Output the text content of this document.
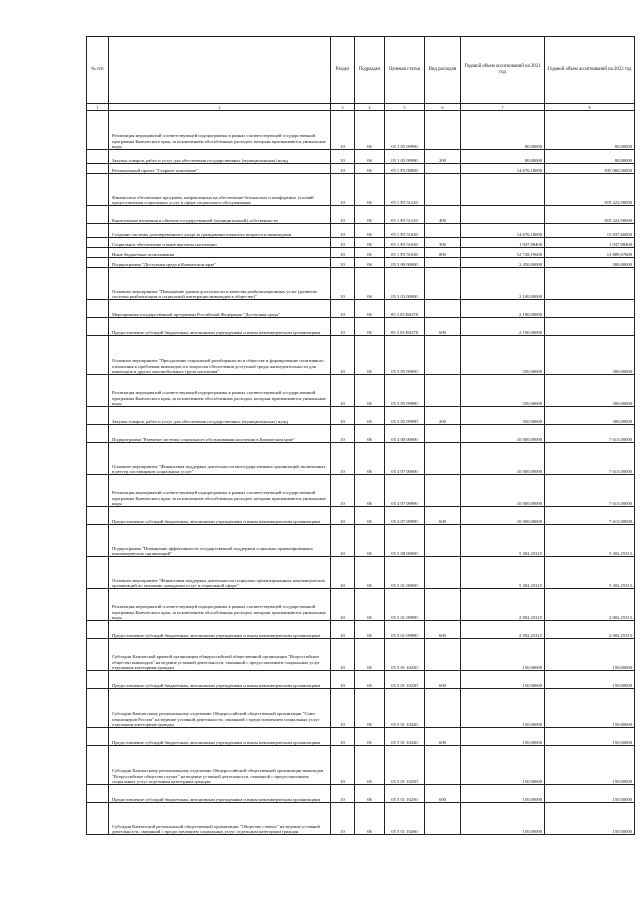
№ п/п		Раздел	Подраздел	Целевая статья	Вид расходов	Годовой объем ассигнований на 2021 год	Годовой объем ассигнований на 2022 год
1	2	3	4	5	6	7	8
	Реализация мероприятий соответствующей подпрограммы в рамках соответствующей государственной программы Камчатского края, за исключением обособленных расходов, которым присваиваются уникальные коды	10	06	05 1 05 09990		80,00000	80,00000
	Закупка товаров, работ и услуг для обеспечения государственных (муниципальных) нужд	10	06	05 1 05 09990	200	80,00000	80,00000
	Региональный проект "Старшее поколение"	10	06	05 1 P3 00000		14 676,18000	835 060,56000
	Финансовое обеспечение программ, направленных на обеспечение безопасных и комфортных условий предоставления социальных услуг в сфере социального обслуживания	10	06	05 1 P3 51210			819 222,90000
	Капитальные вложения в объекты государственной (муниципальной) собственности	10	06	05 1 P3 51210	400		819 222,90000
	Создание системы долговременного ухода за гражданами пожилого возраста и инвалидами	10	06	05 1 P3 51630		14 676,18000	15 837,66000
	Социальное обеспечение и иные выплаты населению	10	06	05 1 P3 51630	300	1 947,98400	1 947,98400
	Иные бюджетные ассигнования	10	06	05 1 P3 51630	800	12 728,19600	13 889,67600
	Подпрограмма "Доступная среда в Камчатском крае"	10	06	05 3 00 00000		2 450,00000	300,00000
	Основное мероприятие "Повышение уровня доступности и качества реабилитационных услуг (развитие системы реабилитации и социальной интеграции инвалидов в обществе)"	10	06	05 3 03 00000		2 100,00000	
	Мероприятия государственной программы Российской Федерации "Доступная среда"	10	06	05 3 03 R0270		2 100,00000	
	Предоставление субсидий бюджетным, автономным учреждениям и иным некоммерческим организациям	10	06	05 3 03 R0270	600	2 100,00000	
	Основное мероприятие "Преодоление социальной разобщенности в обществе и формирование позитивного отношения к проблемам инвалидов и к вопросам обеспечения доступной среды жизнедеятельности для инвалидов и других маломобильных групп населения"	10	06	05 3 05 00000		350,00000	300,00000
	Реализация мероприятий соответствующей подпрограммы в рамках соответствующей государственной программы Камчатского края, за исключением обособленных расходов, которым присваиваются уникальные коды	10	06	05 3 05 09990		350,00000	300,00000
	Закупка товаров, работ и услуг для обеспечения государственных (муниципальных) нужд	10	06	05 3 05 09990	200	350,00000	300,00000
	Подпрограмма "Развитие системы социального обслуживания населения в Камчатском крае"	10	06	05 4 00 00000		10 000,00000	7 615,00000
	Основное мероприятие "Финансовая поддержка деятельности негосударственных организаций, включенных в реестр поставщиков социальных услуг"	10	06	05 4 07 00000		10 000,00000	7 615,00000
	Реализация мероприятий соответствующей подпрограммы в рамках соответствующей государственной программы Камчатского края, за исключением обособленных расходов, которым присваиваются уникальные коды	10	06	05 4 07 09990		10 000,00000	7 615,00000
	Предоставление субсидий бюджетным, автономным учреждениям и иным некоммерческим организациям	10	06	05 4 07 09990	600	10 000,00000	7 615,00000
	Подпрограмма "Повышение эффективности государственной поддержки социально ориентированных некоммерческих организаций"	10	06	05 5 00 00000		5 302,25315	5 302,25315
	Основное мероприятие "Финансовая поддержка деятельности социально ориентированных некоммерческих организаций по оказанию гражданам услуг в социальной сфере"	10	06	05 5 01 00000		5 302,25315	5 302,25315
	Реализация мероприятий соответствующей подпрограммы в рамках соответствующей государственной программы Камчатского края, за исключением обособленных расходов, которым присваиваются уникальные коды	10	06	05 5 01 09990		2 902,25315	2 902,25315
	Предоставление субсидий бюджетным, автономным учреждениям и иным некоммерческим организациям	10	06	05 5 01 09990	600	2 902,25315	2 902,25315
	Субсидии Камчатской краевой организации общероссийской общественной организации "Всероссийское общество инвалидов" на ведение уставной деятельности, связанной с предоставлением социальных услуг отдельным категориям граждан	10	06	05 5 01 10230		150,00000	150,00000
	Предоставление субсидий бюджетным, автономным учреждениям и иным некоммерческим организациям	10	06	05 5 01 10230	600	150,00000	150,00000
	Субсидии Камчатскому региональному отделению Общероссийской общественной организации "Союз пенсионеров России" на ведение уставной деятельности, связанной с предоставлением социальных услуг отдельным категориям граждан	10	06	05 5 01 10240		150,00000	150,00000
	Предоставление субсидий бюджетным, автономным учреждениям и иным некоммерческим организациям	10	06	05 5 01 10240	600	150,00000	150,00000
	Субсидии Камчатскому региональному отделению Общероссийской общественной организации инвалидов "Всероссийское общество глухих" на ведение уставной деятельности, связанной с предоставлением социальных услуг отдельным категориям граждан	10	06	05 5 01 10250		150,00000	150,00000
	Предоставление субсидий бюджетным, автономным учреждениям и иным некоммерческим организациям	10	06	05 5 01 10250	600	150,00000	150,00000
	Субсидия Камчатской региональной общественной организации "Общество слепых" на ведение уставной деятельности, связанной с предоставлением социальных услуг отдельным категориям граждан	10	06	05 5 01 10260		150,00000	150,00000
